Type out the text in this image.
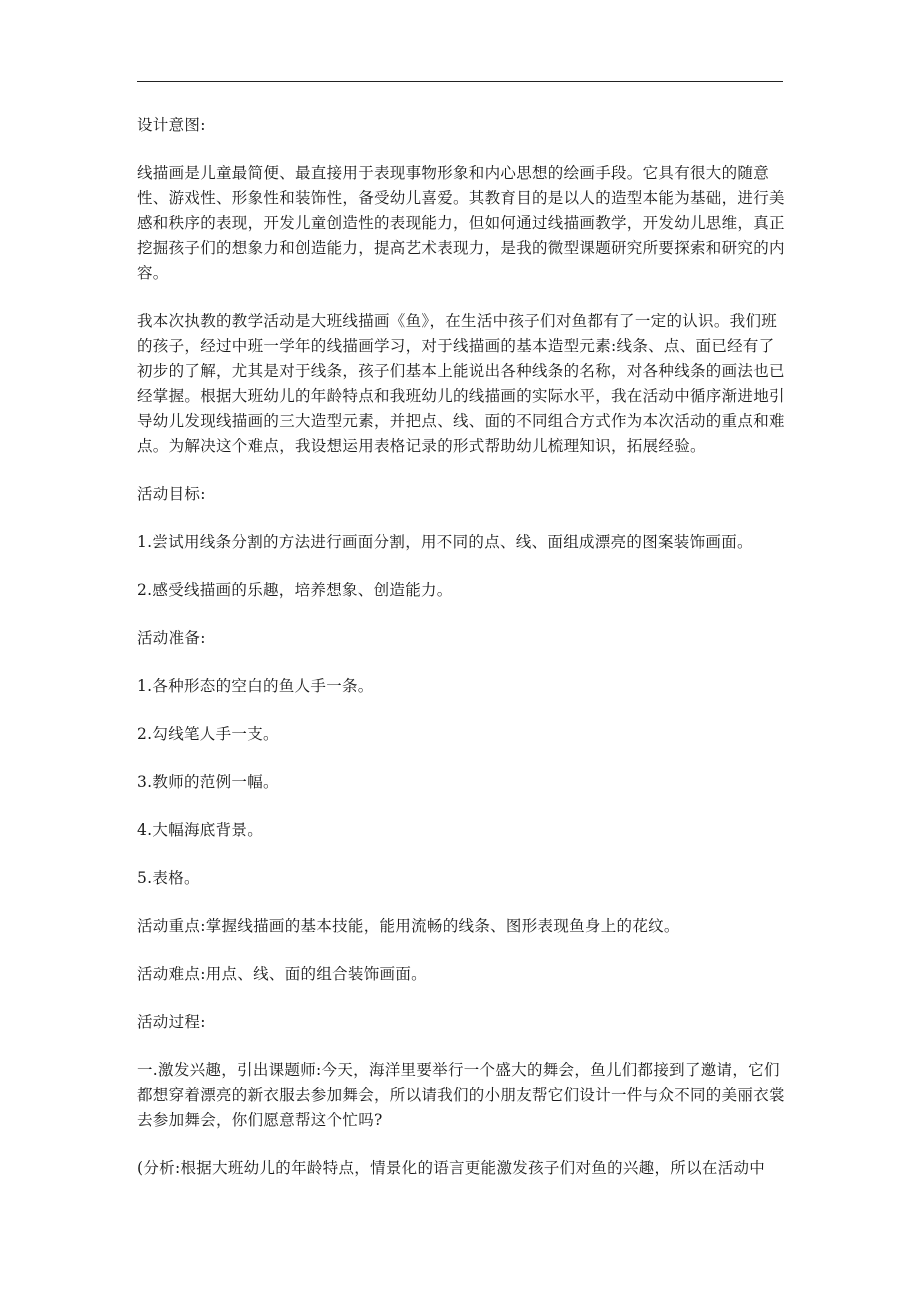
设计意图:

线描画是儿童最简便、最直接用于表现事物形象和内心思想的绘画手段。它具有很大的随意性、游戏性、形象性和装饰性，备受幼儿喜爱。其教育目的是以人的造型本能为基础，进行美感和秩序的表现，开发儿童创造性的表现能力，但如何通过线描画教学，开发幼儿思维，真正挖掘孩子们的想象力和创造能力，提高艺术表现力，是我的微型课题研究所要探索和研究的内容。

我本次执教的教学活动是大班线描画《鱼》，在生活中孩子们对鱼都有了一定的认识。我们班的孩子，经过中班一学年的线描画学习，对于线描画的基本造型元素:线条、点、面已经有了初步的了解，尤其是对于线条，孩子们基本上能说出各种线条的名称，对各种线条的画法也已经掌握。根据大班幼儿的年龄特点和我班幼儿的线描画的实际水平，我在活动中循序渐进地引导幼儿发现线描画的三大造型元素，并把点、线、面的不同组合方式作为本次活动的重点和难点。为解决这个难点，我设想运用表格记录的形式帮助幼儿梳理知识，拓展经验。

活动目标:

1.尝试用线条分割的方法进行画面分割，用不同的点、线、面组成漂亮的图案装饰画面。

2.感受线描画的乐趣，培养想象、创造能力。

活动准备:

1.各种形态的空白的鱼人手一条。

2.勾线笔人手一支。

3.教师的范例一幅。

4.大幅海底背景。

5.表格。

活动重点:掌握线描画的基本技能，能用流畅的线条、图形表现鱼身上的花纹。

活动难点:用点、线、面的组合装饰画面。

活动过程:

一.激发兴趣，引出课题师:今天，海洋里要举行一个盛大的舞会，鱼儿们都接到了邀请，它们都想穿着漂亮的新衣服去参加舞会，所以请我们的小朋友帮它们设计一件与众不同的美丽衣裳去参加舞会，你们愿意帮这个忙吗?

(分析:根据大班幼儿的年龄特点，情景化的语言更能激发孩子们对鱼的兴趣，所以在活动中
